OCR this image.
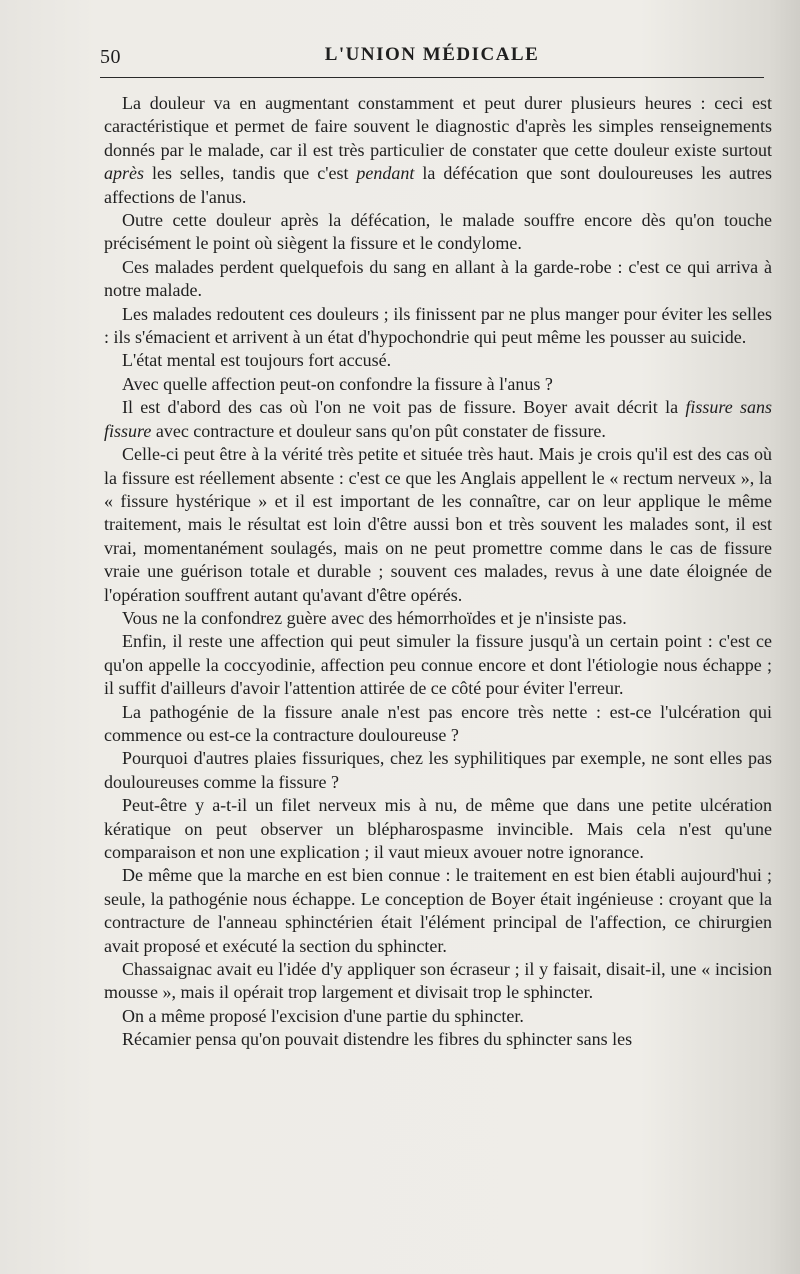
50	L'UNION MÉDICALE

La douleur va en augmentant constamment et peut durer plusieurs heures : ceci est caractéristique et permet de faire souvent le diagnostic d'après les simples renseignements donnés par le malade, car il est très particulier de constater que cette douleur existe surtout après les selles, tandis que c'est pendant la défécation que sont douloureuses les autres affections de l'anus.

Outre cette douleur après la défécation, le malade souffre encore dès qu'on touche précisément le point où siègent la fissure et le condylome.

Ces malades perdent quelquefois du sang en allant à la garde-robe : c'est ce qui arriva à notre malade.

Les malades redoutent ces douleurs ; ils finissent par ne plus manger pour éviter les selles : ils s'émacient et arrivent à un état d'hypochondrie qui peut même les pousser au suicide.

L'état mental est toujours fort accusé.

Avec quelle affection peut-on confondre la fissure à l'anus ?

Il est d'abord des cas où l'on ne voit pas de fissure. Boyer avait décrit la fissure sans fissure avec contracture et douleur sans qu'on pût constater de fissure.

Celle-ci peut être à la vérité très petite et située très haut. Mais je crois qu'il est des cas où la fissure est réellement absente : c'est ce que les Anglais appellent le « rectum nerveux », la « fissure hystérique » et il est important de les connaître, car on leur applique le même traitement, mais le résultat est loin d'être aussi bon et très souvent les malades sont, il est vrai, momentanément soulagés, mais on ne peut promettre comme dans le cas de fissure vraie une guérison totale et durable ; souvent ces malades, revus à une date éloignée de l'opération souffrent autant qu'avant d'être opérés.

Vous ne la confondrez guère avec des hémorrhoïdes et je n'insiste pas.

Enfin, il reste une affection qui peut simuler la fissure jusqu'à un certain point : c'est ce qu'on appelle la coccyodinie, affection peu connue encore et dont l'étiologie nous échappe ; il suffit d'ailleurs d'avoir l'attention attirée de ce côté pour éviter l'erreur.

La pathogénie de la fissure anale n'est pas encore très nette : est-ce l'ulcération qui commence ou est-ce la contracture douloureuse ?

Pourquoi d'autres plaies fissuriques, chez les syphilitiques par exemple, ne sont elles pas douloureuses comme la fissure ?

Peut-être y a-t-il un filet nerveux mis à nu, de même que dans une petite ulcération kératique on peut observer un blépharospasme invincible. Mais cela n'est qu'une comparaison et non une explication ; il vaut mieux avouer notre ignorance.

De même que la marche en est bien connue : le traitement en est bien établi aujourd'hui ; seule, la pathogénie nous échappe. Le conception de Boyer était ingénieuse : croyant que la contracture de l'anneau sphinctérien était l'élément principal de l'affection, ce chirurgien avait proposé et exécuté la section du sphincter.

Chassaignac avait eu l'idée d'y appliquer son écraseur ; il y faisait, disait-il, une « incision mousse », mais il opérait trop largement et divisait trop le sphincter.

On a même proposé l'excision d'une partie du sphincter.

Récamier pensa qu'on pouvait distendre les fibres du sphincter sans les
